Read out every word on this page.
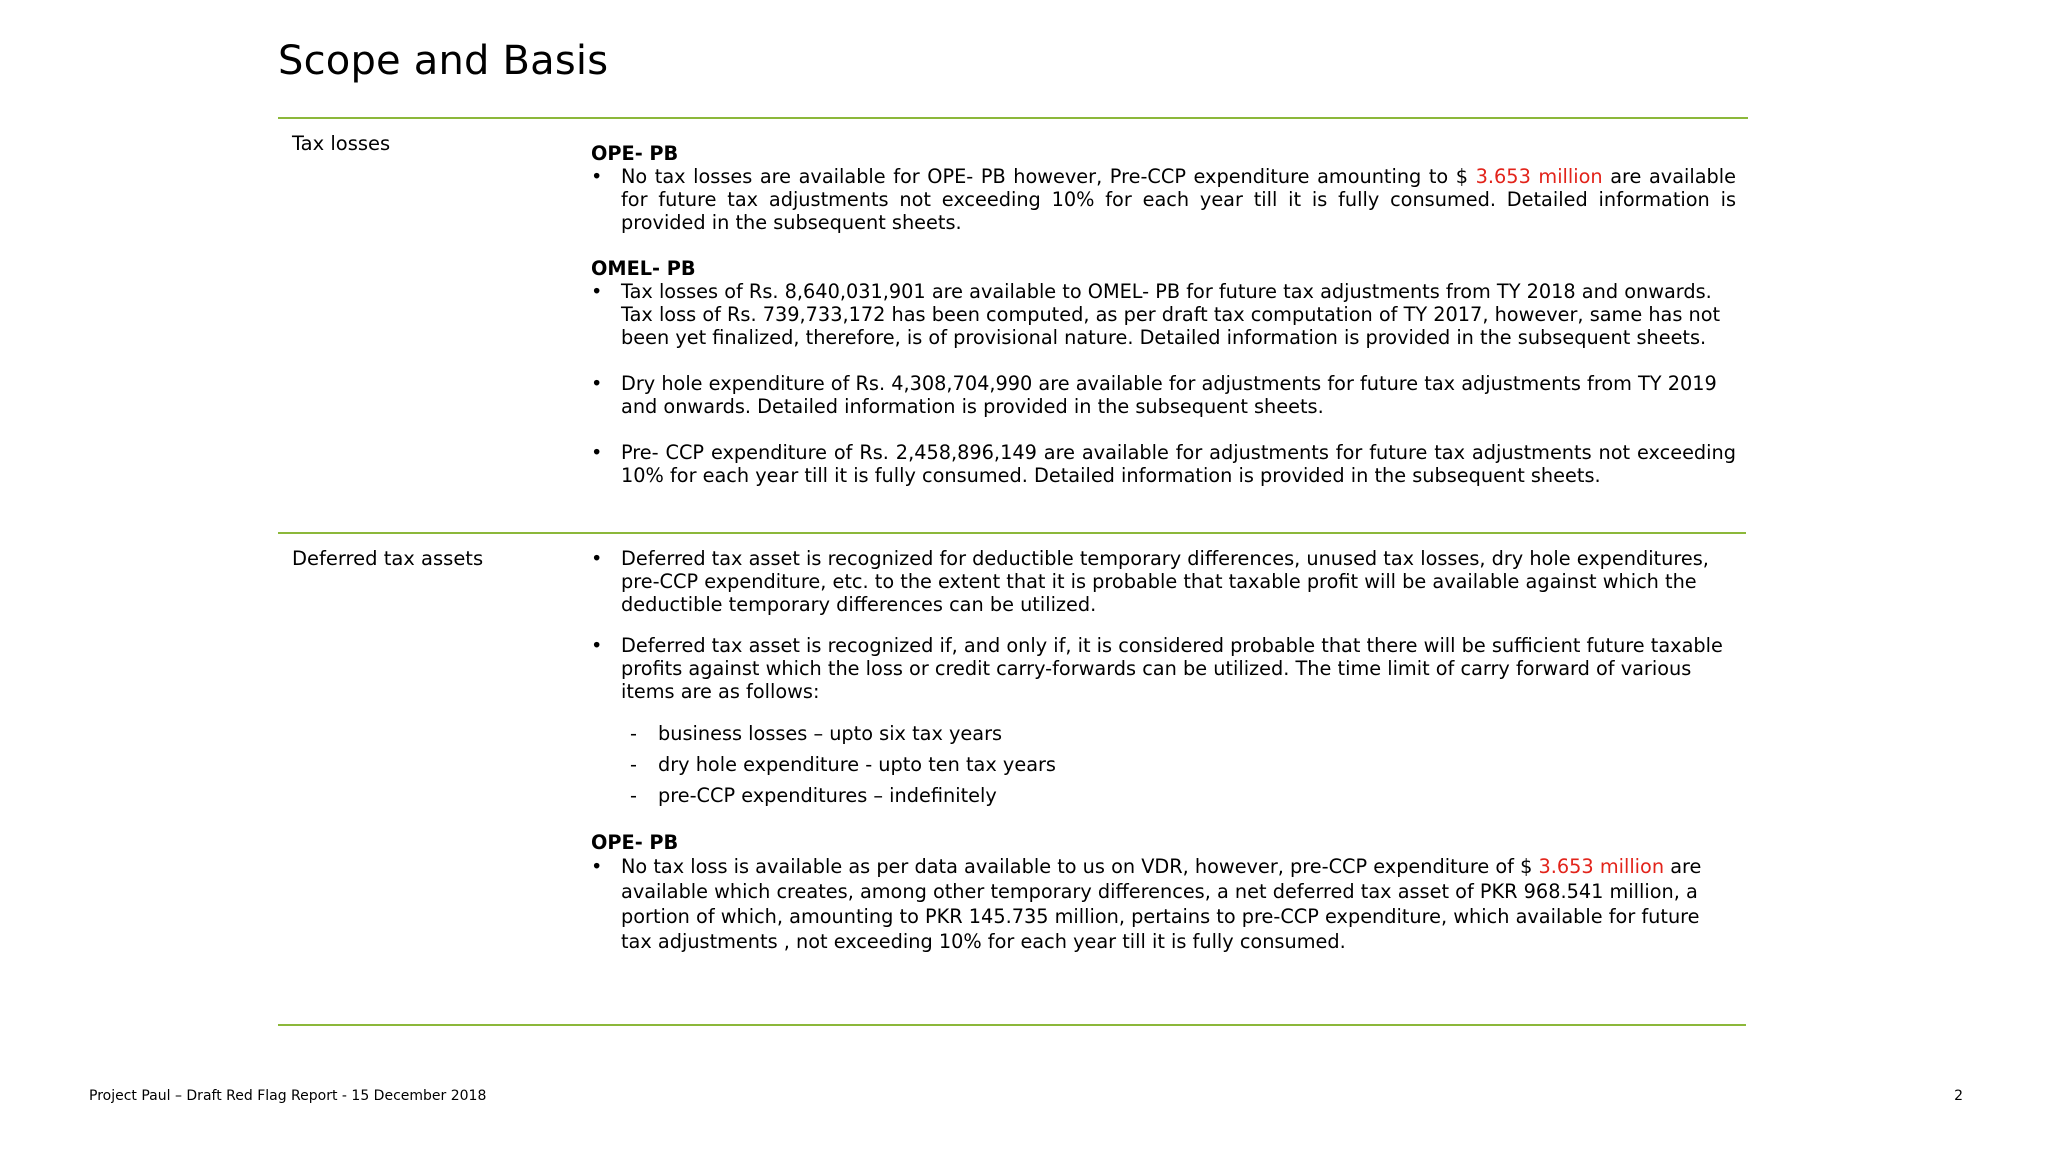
Scope and Basis
Tax losses	OPE- PB
• No tax losses are available for OPE- PB however, Pre-CCP expenditure amounting to $ 3.653 million are available for future tax adjustments not exceeding 10% for each year till it is fully consumed. Detailed information is provided in the subsequent sheets.
OMEL- PB
• Tax losses of Rs. 8,640,031,901 are available to OMEL- PB for future tax adjustments from TY 2018 and onwards. Tax loss of Rs. 739,733,172 has been computed, as per draft tax computation of TY 2017, however, same has not been yet finalized, therefore, is of provisional nature. Detailed information is provided in the subsequent sheets.
• Dry hole expenditure of Rs. 4,308,704,990 are available for adjustments for future tax adjustments from TY 2019 and onwards. Detailed information is provided in the subsequent sheets.
• Pre- CCP expenditure of Rs. 2,458,896,149 are available for adjustments for future tax adjustments not exceeding 10% for each year till it is fully consumed. Detailed information is provided in the subsequent sheets.
Deferred tax assets	• Deferred tax asset is recognized for deductible temporary differences, unused tax losses, dry hole expenditures, pre-CCP expenditure, etc. to the extent that it is probable that taxable profit will be available against which the deductible temporary differences can be utilized.
• Deferred tax asset is recognized if, and only if, it is considered probable that there will be sufficient future taxable profits against which the loss or credit carry-forwards can be utilized. The time limit of carry forward of various items are as follows:
- business losses – upto six tax years
- dry hole expenditure - upto ten tax years
- pre-CCP expenditures – indefinitely
OPE- PB
• No tax loss is available as per data available to us on VDR, however, pre-CCP expenditure of $ 3.653 million are available which creates, among other temporary differences, a net deferred tax asset of PKR 968.541 million, a portion of which, amounting to PKR 145.735 million, pertains to pre-CCP expenditure, which available for future tax adjustments , not exceeding 10% for each year till it is fully consumed.
Project Paul – Draft Red Flag Report - 15 December 2018	2
